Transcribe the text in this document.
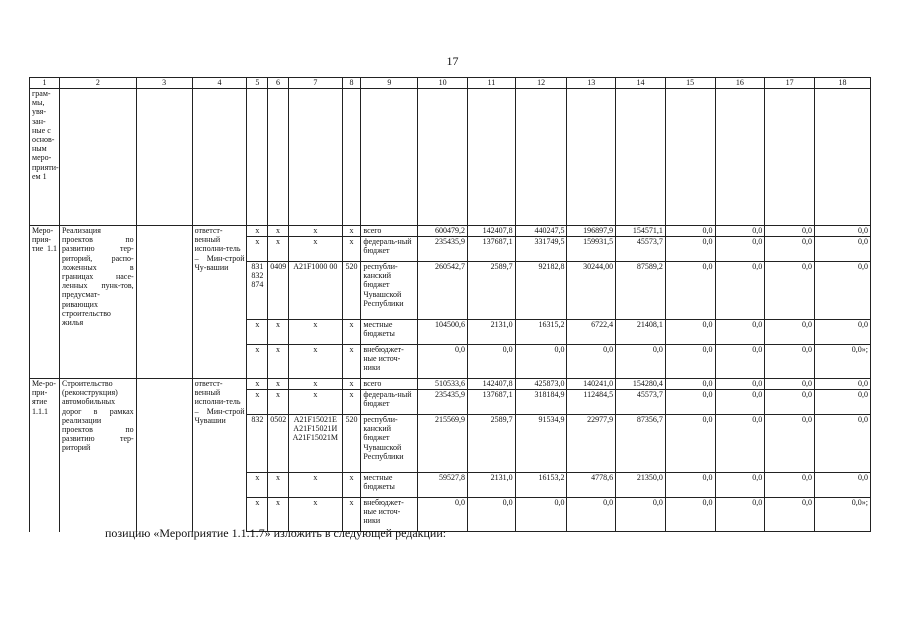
17
1	2	3	4	5	6	7	8	9	10	11	12	13	14	15	16	17	18
грам-мы, увя-зан-ные с основ-ным меро-прияти-ем 1																	
Меро-прия-тие 1.1	Реализация проектов по развитию тер-риторий, распо-ложенных в границах насе-ленных пунк-тов, предусмат-ривающих строительство жилья		ответст-венный исполни-тель – Мин-строй Чу-вашии	x	x	x	x	всего	600479,2	142407,8	440247,5	196897,9	154571,1	0,0	0,0	0,0	0,0
				x	x	x	x	федераль-ный бюджет	235435,9	137687,1	331749,5	159931,5	45573,7	0,0	0,0	0,0	0,0
				831 832 874	0409	A21F1000 00	520	республи-канский бюджет Чувашской Республики	260542,7	2589,7	92182,8	30244,00	87589,2	0,0	0,0	0,0	0,0
				x	x	x	x	местные бюджеты	104500,6	2131,0	16315,2	6722,4	21408,1	0,0	0,0	0,0	0,0
				x	x	x	x	внебюджет-ные источ-ники	0,0	0,0	0,0	0,0	0,0	0,0	0,0	0,0	0,0»;
Ме-ро-при-ятие 1.1.1	Строительство (реконструкция) автомобильных дорог в рамках реализации проектов по развитию тер-риторий		ответст-венный исполни-тель – Мин-строй Чувашии	x	x	x	x	всего	510533,6	142407,8	425873,0	140241,0	154280,4	0,0	0,0	0,0	0,0
				x	x	x	x	федераль-ный бюджет	235435,9	137687,1	318184,9	112484,5	45573,7	0,0	0,0	0,0	0,0
				832	0502	A21F15021E A21F15021И A21F15021M	520	республи-канский бюджет Чувашской Республики	215569,9	2589,7	91534,9	22977,9	87356,7	0,0	0,0	0,0	0,0
				x	x	x	x	местные бюджеты	59527,8	2131,0	16153,2	4778,6	21350,0	0,0	0,0	0,0	0,0
				x	x	x	x	внебюджет-ные источ-ники	0,0	0,0	0,0	0,0	0,0	0,0	0,0	0,0	0,0»;
позицию «Мероприятие 1.1.1.7» изложить в следующей редакции:
